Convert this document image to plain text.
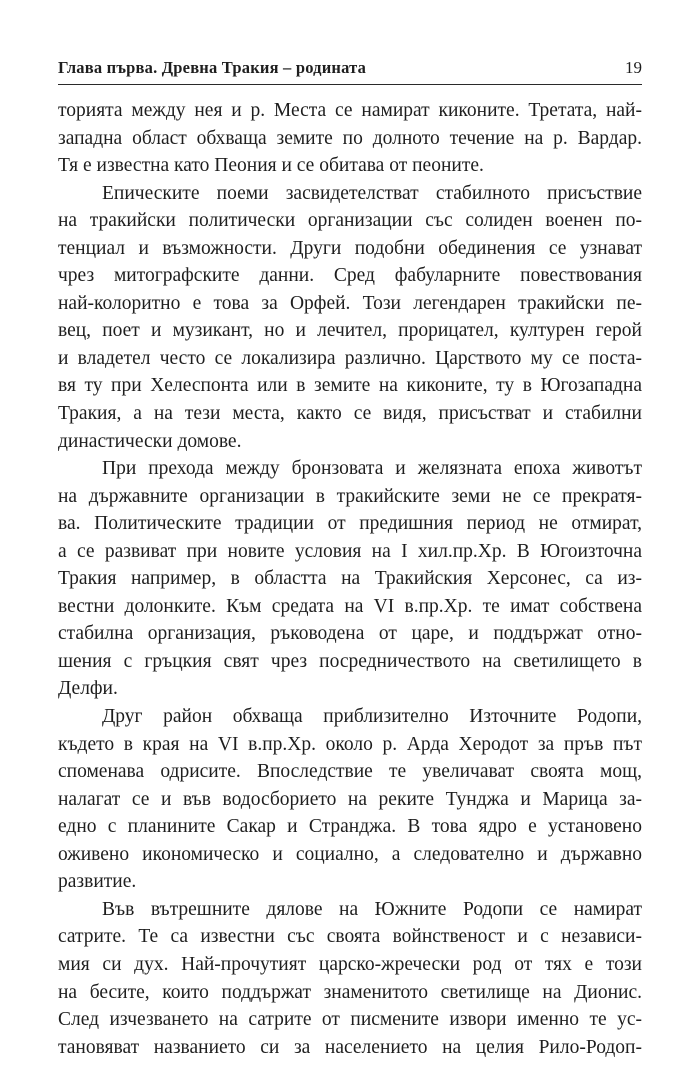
Глава първа. Древна Тракия – родината	19
торията между нея и р. Места се намират киконите. Третата, най-
западна област обхваща земите по долното течение на р. Вардар.
Тя е известна като Пеония и се обитава от пеоните.
Епическите поеми засвидетелстват стабилното присъствие
на тракийски политически организации със солиден военен по-
тенциал и възможности. Други подобни обединения се узнават
чрез митографските данни. Сред фабуларните повествования
най-колоритно е това за Орфей. Този легендарен тракийски пе-
вец, поет и музикант, но и лечител, прорицател, културен герой
и владетел често се локализира различно. Царството му се поста-
вя ту при Хелеспонта или в земите на киконите, ту в Югозападна
Тракия, а на тези места, както се видя, присъстват и стабилни
династически домове.
При прехода между бронзовата и желязната епоха животът
на държавните организации в тракийските земи не се прекратя-
ва. Политическите традиции от предишния период не отмират,
а се развиват при новите условия на I хил.пр.Хр. В Югоизточна
Тракия например, в областта на Тракийския Херсонес, са из-
вестни долонките. Към средата на VI в.пр.Хр. те имат собствена
стабилна организация, ръководена от царе, и поддържат отно-
шения с гръцкия свят чрез посредничеството на светилището в
Делфи.
Друг район обхваща приблизително Източните Родопи,
където в края на VI в.пр.Хр. около р. Арда Херодот за пръв път
споменава одрисите. Впоследствие те увеличават своята мощ,
налагат се и във водосборието на реките Тунджа и Марица за-
едно с планините Сакар и Странджа. В това ядро е установено
оживено икономическо и социално, а следователно и държавно
развитие.
Във вътрешните дялове на Южните Родопи се намират
сатрите. Те са известни със своята войнственост и с независи-
мия си дух. Най-прочутият царско-жречески род от тях е този
на бесите, които поддържат знаменитото светилище на Дионис.
След изчезването на сатрите от писмените извори именно те ус-
тановяват названието си за населението на целия Рило-Родоп-
